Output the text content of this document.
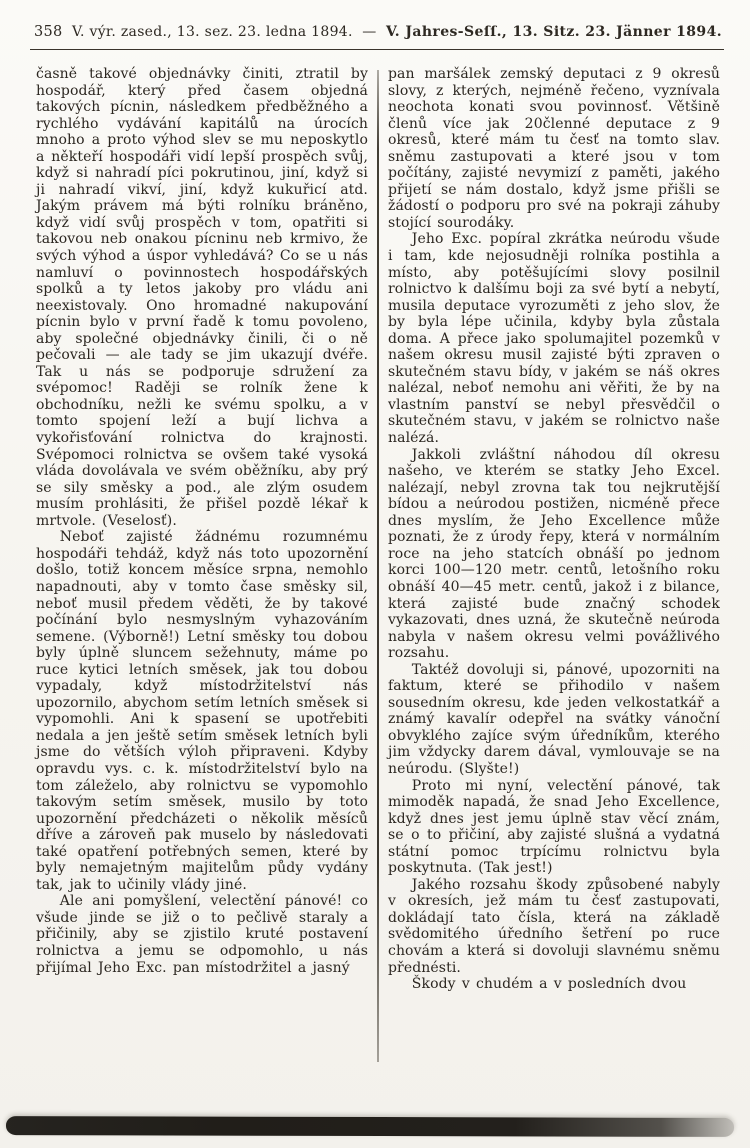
358 V. výr. zased., 13. sez. 23. ledna 1894. — V. Jahres-Seſſ., 13. Sitz. 23. Jänner 1894.

časně takové objednávky činiti, ztratil by hospodář, který před časem objedná takových pícnin, následkem předběžného a rychlého vydávání kapitálů na úrocích mnoho a proto výhod slev se mu neposkytlo a někteří hospodáři vidí lepší prospěch svůj, když si nahradí píci pokrutinou, jiní, když si ji nahradí vikví, jiní, když kukuřicí atd. Jakým právem má býti rolníku bráněno, když vidí svůj prospěch v tom, opatřiti si takovou neb onakou pícninu neb krmivo, že svých výhod a úspor vyhledává? Co se u nás namluví o povinnostech hospodářských spolků a ty letos jakoby pro vládu ani neexistovaly. Ono hromadné nakupování pícnin bylo v první řadě k tomu povoleno, aby společné objednávky činili, či o ně pečovali — ale tady se jim ukazují dvéře. Tak u nás se podporuje sdružení za svépomoc! Raději se rolník žene k obchodníku, nežli ke svému spolku, a v tomto spojení leží a bují lichva a vykořisťování rolnictva do krajnosti. Svépomoci rolnictva se ovšem také vysoká vláda dovolávala ve svém oběžníku, aby prý se sily směsky a pod., ale zlým osudem musím prohlásiti, že přišel pozdě lékař k mrtvole. (Veselosť).

Neboť zajisté žádnému rozumnému hospodáři tehdáž, když nás toto upozornění došlo, totiž koncem měsíce srpna, nemohlo napadnouti, aby v tomto čase směsky sil, neboť musil předem věděti, že by takové počínání bylo nesmyslným vyhazováním semene. (Výborně!) Letní směsky tou dobou byly úplně sluncem sežehnuty, máme po ruce kytici letních směsek, jak tou dobou vypadaly, když místodržitelství nás upozornilo, abychom setím letních směsek si vypomohli. Ani k spasení se upotřebiti nedala a jen ještě setím směsek letních byli jsme do větších výloh připraveni. Kdyby opravdu vys. c. k. místodržitelství bylo na tom záleželo, aby rolnictvu se vypomohlo takovým setím směsek, musilo by toto upozornění předcházeti o několik měsíců dříve a zároveň pak muselo by následovati také opatření potřebných semen, které by byly nemajetným majitelům půdy vydány tak, jak to učinily vlády jiné.

Ale ani pomyšlení, velectění pánové! co všude jinde se již o to pečlivě staraly a přičinily, aby se zjistilo kruté postavení rolnictva a jemu se odpomohlo, u nás přijímal Jeho Exc. pan místodržitel a jasný

pan maršálek zemský deputaci z 9 okresů slovy, z kterých, nejméně řečeno, vyznívala neochota konati svou povinnosť. Většině členů více jak 20členné deputace z 9 okresů, které mám tu česť na tomto slav. sněmu zastupovati a které jsou v tom počítány, zajisté nevymizí z paměti, jakého přijetí se nám dostalo, když jsme přišli se žádostí o podporu pro své na pokraji záhuby stojící sourodáky.

Jeho Exc. popíral zkrátka neúrodu všude i tam, kde nejosudněji rolníka postihla a místo, aby potěšujícími slovy posilnil rolnictvo k dalšímu boji za své bytí a nebytí, musila deputace vyrozuměti z jeho slov, že by byla lépe učinila, kdyby byla zůstala doma. A přece jako spolumajitel pozemků v našem okresu musil zajisté býti zpraven o skutečném stavu bídy, v jakém se náš okres nalézal, neboť nemohu ani věřiti, že by na vlastním panství se nebyl přesvědčil o skutečném stavu, v jakém se rolnictvo naše nalézá.

Jakkoli zvláštní náhodou díl okresu našeho, ve kterém se statky Jeho Excel. nalézají, nebyl zrovna tak tou nejkrutější bídou a neúrodou postižen, nicméně přece dnes myslím, že Jeho Excellence může poznati, že z úrody řepy, která v normálním roce na jeho statcích obnáší po jednom korci 100—120 metr. centů, letošního roku obnáší 40—45 metr. centů, jakož i z bilance, která zajisté bude značný schodek vykazovati, dnes uzná, že skutečně neúroda nabyla v našem okresu velmi povážlivého rozsahu.

Taktéž dovoluji si, pánové, upozorniti na faktum, které se přihodilo v našem sousedním okresu, kde jeden velkostatkář a známý kavalír odepřel na svátky vánoční obvyklého zajíce svým úředníkům, kterého jim vždycky darem dával, vymlouvaje se na neúrodu. (Slyšte!)

Proto mi nyní, velectění pánové, tak mimoděk napadá, že snad Jeho Excellence, když dnes jest jemu úplně stav věcí znám, se o to přičiní, aby zajisté slušná a vydatná státní pomoc trpícímu rolnictvu byla poskytnuta. (Tak jest!)

Jakého rozsahu škody způsobené nabyly v okresích, jež mám tu česť zastupovati, dokládají tato čísla, která na základě svědomitého úředního šetření po ruce chovám a která si dovoluji slavnému sněmu přednésti.

Škody v chudém a v posledních dvou
